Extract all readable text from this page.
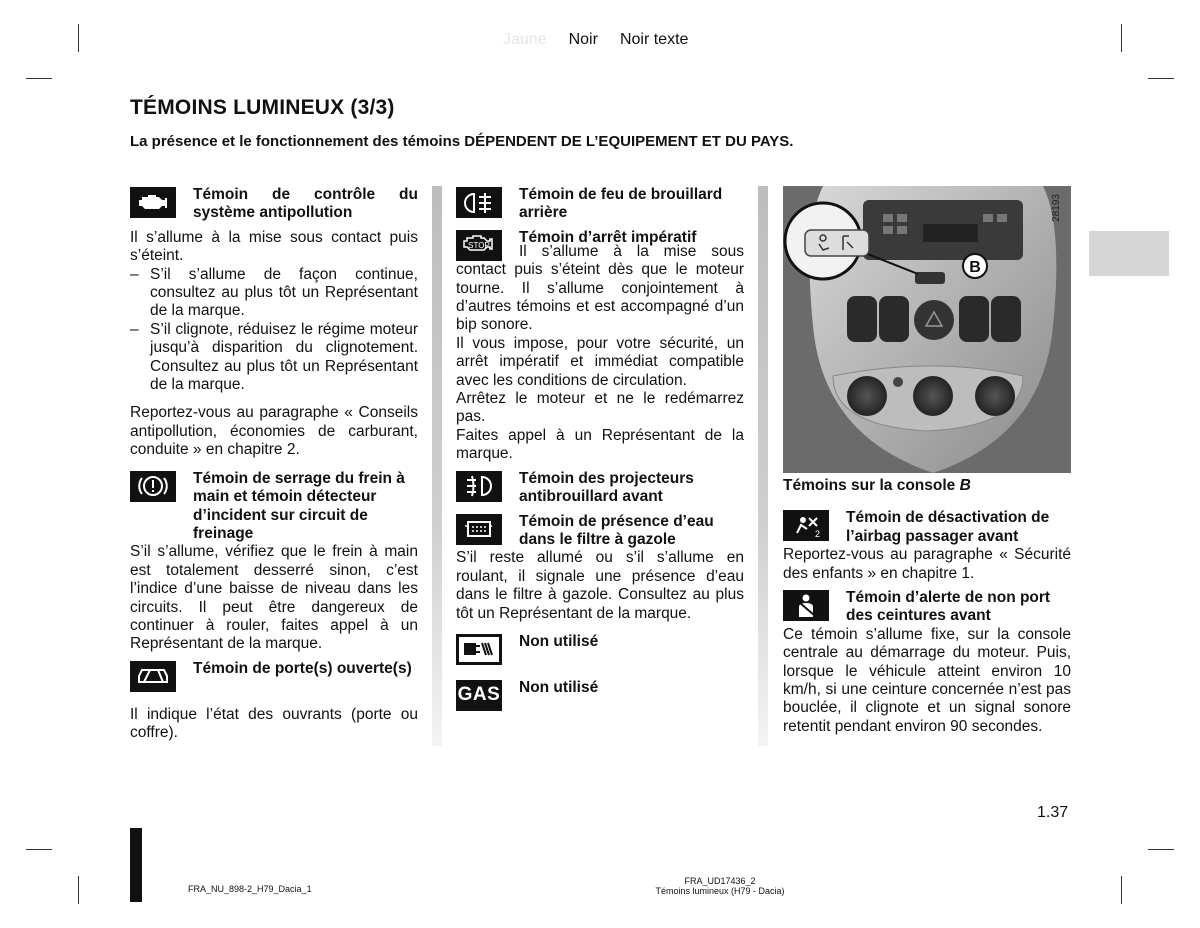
Jaune Noir Noir texte
TÉMOINS LUMINEUX (3/3)
La présence et le fonctionnement des témoins DÉPENDENT DE L’EQUIPEMENT ET DU PAYS.
Témoin de contrôle du système antipollution

Il s’allume à la mise sous contact puis s’éteint.

– S’il s’allume de façon continue, consultez au plus tôt un Représentant de la marque.
– S’il clignote, réduisez le régime moteur jusqu’à disparition du clignotement. Consultez au plus tôt un Représentant de la marque.

Reportez-vous au paragraphe « Conseils antipollution, économies de carburant, conduite » en chapitre 2.

Témoin de serrage du frein à main et témoin détecteur d’incident sur circuit de freinage

S’il s’allume, vérifiez que le frein à main est totalement desserré sinon, c’est l’indice d’une baisse de niveau dans les circuits. Il peut être dangereux de continuer à rouler, faites appel à un Représentant de la marque.

Témoin de porte(s) ouverte(s)

Il indique l’état des ouvrants (porte ou coffre).

Témoin de feu de brouillard arrière
STOP Témoin d’arrêt impératif

Il s’allume à la mise sous contact puis s’éteint dès que le moteur tourne. Il s’allume conjointement à d’autres témoins et est accompagné d’un bip sonore.

Il vous impose, pour votre sécurité, un arrêt impératif et immédiat compatible avec les conditions de circulation.

Arrêtez le moteur et ne le redémarrez pas.

Faites appel à un Représentant de la marque.

Témoin des projecteurs antibrouillard avant
Témoin de présence d’eau dans le filtre à gazole

S’il reste allumé ou s’il s’allume en roulant, il signale une présence d’eau dans le filtre à gazole. Consultez au plus tôt un Représentant de la marque.

Non utilisé
GAS Non utilisé
B
Témoins sur la console B
2
Témoin de désactivation de l’airbag passager avant

Reportez-vous au paragraphe « Sécurité des enfants » en chapitre 1.

Témoin d’alerte de non port des ceintures avant

Ce témoin s’allume fixe, sur la console centrale au démarrage du moteur. Puis, lorsque le véhicule atteint environ 10 km/h, si une ceinture concernée n’est pas bouclée, il clignote et un signal sonore retentit pendant environ 90 secondes.

28193
1.37
FRA_NU_898-2_H79_Dacia_1
FRA_UD17436_2
Témoins lumineux (H79 - Dacia)
